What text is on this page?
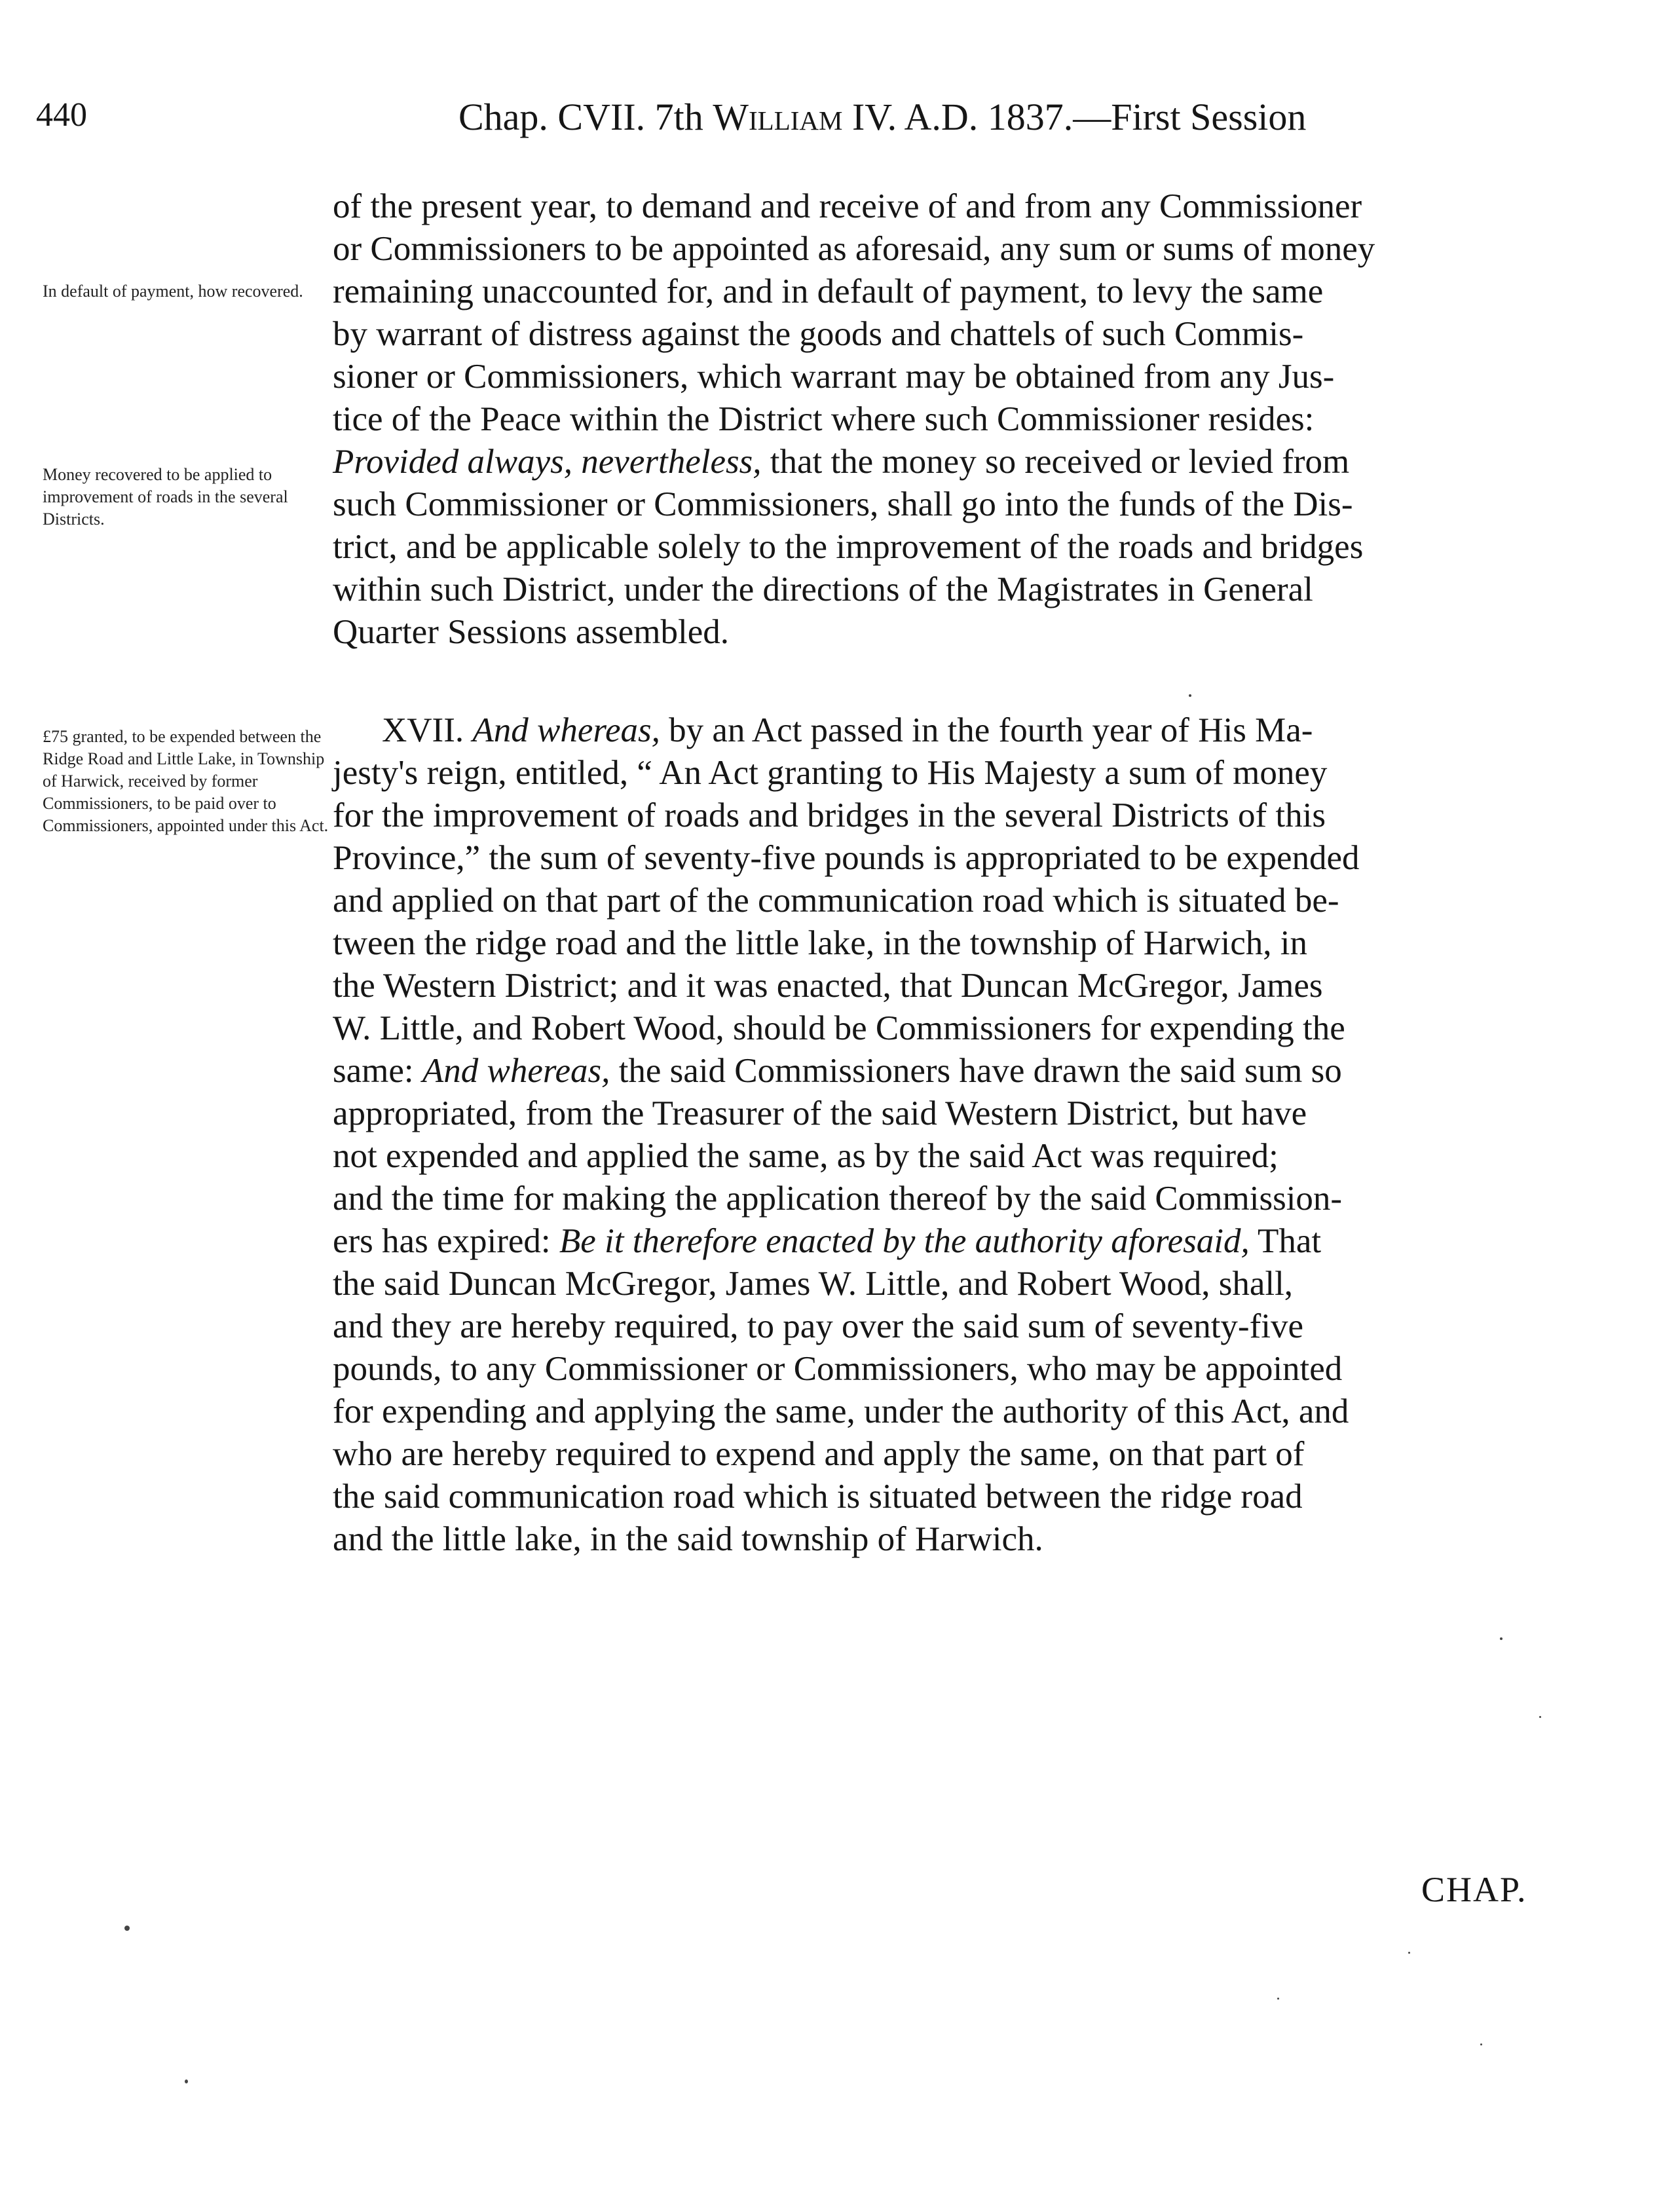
440	Chap. CVII. 7th William IV. A.D. 1837.—First Session
In default of payment, how recovered.
Money recovered to be applied to improvement of roads in the several Districts.
£75 granted, to be expended between the Ridge Road and Little Lake, in Township of Harwick, received by former Commissioners, to be paid over to Commissioners, appointed under this Act.
of the present year, to demand and receive of and from any Commissioner
or Commissioners to be appointed as aforesaid, any sum or sums of money
remaining unaccounted for, and in default of payment, to levy the same
by warrant of distress against the goods and chattels of such Commis-
sioner or Commissioners, which warrant may be obtained from any Jus-
tice of the Peace within the District where such Commissioner resides:
Provided always, nevertheless, that the money so received or levied from
such Commissioner or Commissioners, shall go into the funds of the Dis-
trict, and be applicable solely to the improvement of the roads and bridges
within such District, under the directions of the Magistrates in General
Quarter Sessions assembled.
XVII. And whereas, by an Act passed in the fourth year of His Ma-
jesty's reign, entitled, “ An Act granting to His Majesty a sum of money
for the improvement of roads and bridges in the several Districts of this
Province,” the sum of seventy-five pounds is appropriated to be expended
and applied on that part of the communication road which is situated be-
tween the ridge road and the little lake, in the township of Harwich, in
the Western District; and it was enacted, that Duncan McGregor, James
W. Little, and Robert Wood, should be Commissioners for expending the
same: And whereas, the said Commissioners have drawn the said sum so
appropriated, from the Treasurer of the said Western District, but have
not expended and applied the same, as by the said Act was required;
and the time for making the application thereof by the said Commission-
ers has expired: Be it therefore enacted by the authority aforesaid, That
the said Duncan McGregor, James W. Little, and Robert Wood, shall,
and they are hereby required, to pay over the said sum of seventy-five
pounds, to any Commissioner or Commissioners, who may be appointed
for expending and applying the same, under the authority of this Act, and
who are hereby required to expend and apply the same, on that part of
the said communication road which is situated between the ridge road
and the little lake, in the said township of Harwich.
CHAP.
